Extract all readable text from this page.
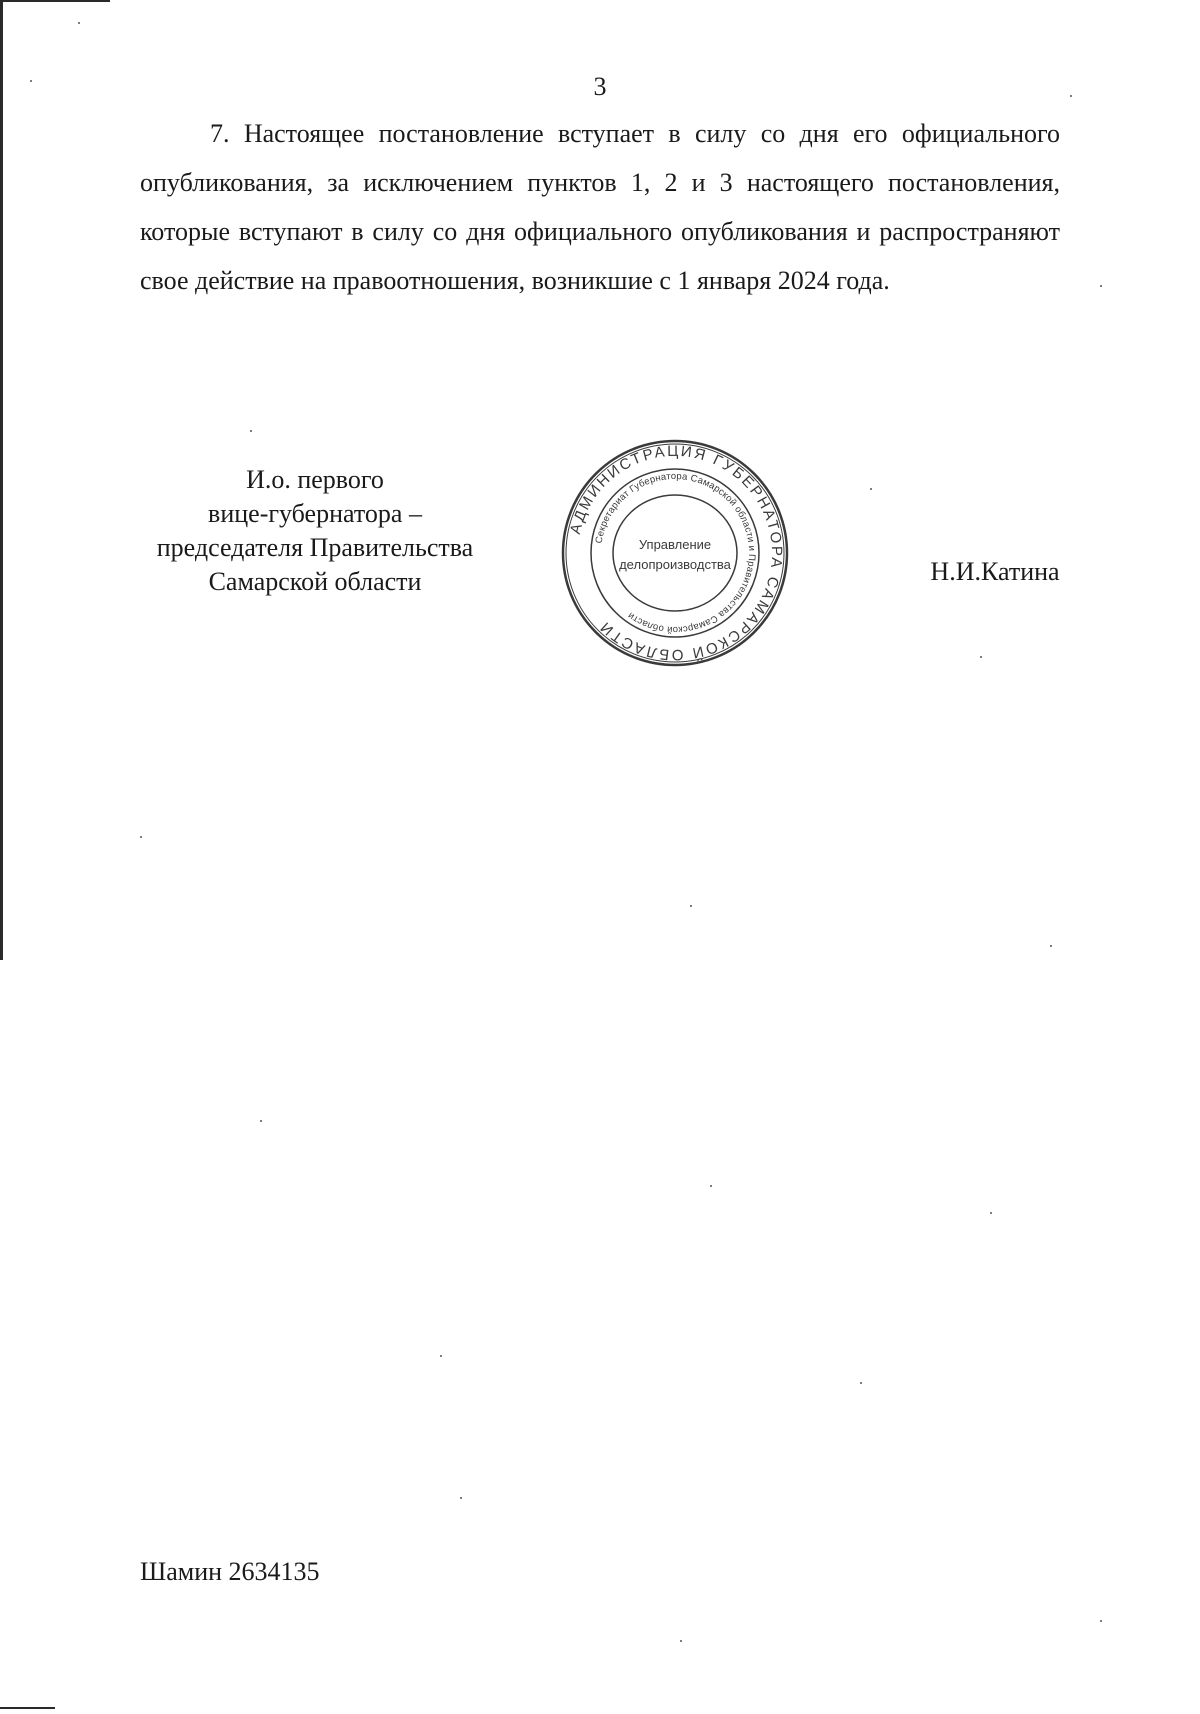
3

7. Настоящее постановление вступает в силу со дня его официального опубликования, за исключением пунктов 1, 2 и 3 настоящего постановления, которые вступают в силу со дня официального опубликования и распространяют свое действие на правоотношения, возникшие с 1 января 2024 года.

И.о. первого
вице-губернатора –
председателя Правительства
Самарской области
АДМИНИСТРАЦИЯ ГУБЕРНАТОРА САМАРСКОЙ ОБЛАСТИ
Секретариат Губернатора Самарской области и Правительства Самарской области
Управление
делопроизводства	Н.И.Катина
Шамин 2634135
